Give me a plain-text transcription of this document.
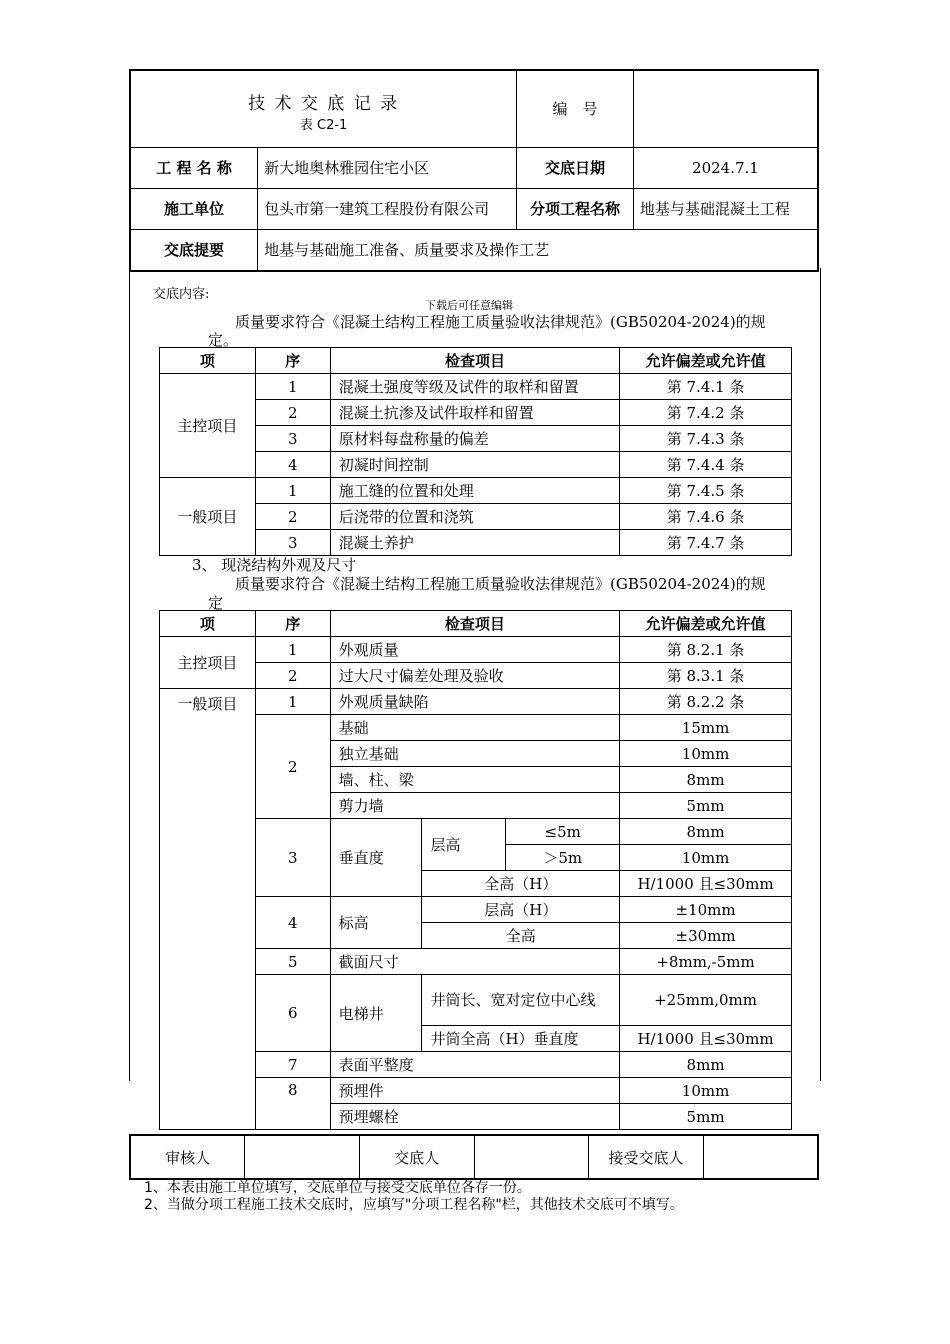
技 术 交 底 记 录
表 C2-1		编　号	
工 程 名 称	新大地奥林雅园住宅小区	交底日期	2024.7.1
施工单位	包头市第一建筑工程股份有限公司	分项工程名称	地基与基础混凝土工程
交底提要	地基与基础施工准备、质量要求及操作工艺		
交底内容:
下载后可任意编辑
质量要求符合《混凝土结构工程施工质量验收法律规范》(GB50204-2024)的规
定。
项	序	检查项目	允许偏差或允许值
主控项目	1	混凝土强度等级及试件的取样和留置	第 7.4.1 条
	2	混凝土抗渗及试件取样和留置	第 7.4.2 条
	3	原材料每盘称量的偏差	第 7.4.3 条
	4	初凝时间控制	第 7.4.4 条
一般项目	1	施工缝的位置和处理	第 7.4.5 条
	2	后浇带的位置和浇筑	第 7.4.6 条
	3	混凝土养护	第 7.4.7 条
3、 现浇结构外观及尺寸
质量要求符合《混凝土结构工程施工质量验收法律规范》(GB50204-2024)的规
定
项	序	检查项目			允许偏差或允许值
主控项目	1	外观质量			第 8.2.1 条
	2	过大尺寸偏差处理及验收			第 8.3.1 条
一般项目	1	外观质量缺陷			第 8.2.2 条
	2	基础			15mm
		独立基础			10mm
		墙、柱、梁			8mm
		剪力墙			5mm
	3	垂直度	层高	≤5m	8mm
				＞5m	10mm
			全高（H）		H/1000 且≤30mm
	4	标高	层高（H）		±10mm
			全高		±30mm
	5	截面尺寸			+8mm,-5mm
	6	电梯井	井筒长、宽对定位中心线		+25mm,0mm
			井筒全高（H）垂直度		H/1000 且≤30mm
	7	表面平整度			8mm
	8	预埋件			10mm
		预埋螺栓			5mm
审核人		交底人		接受交底人	
1、本表由施工单位填写，交底单位与接受交底单位各存一份。
2、当做分项工程施工技术交底时，应填写"分项工程名称"栏，其他技术交底可不填写。
